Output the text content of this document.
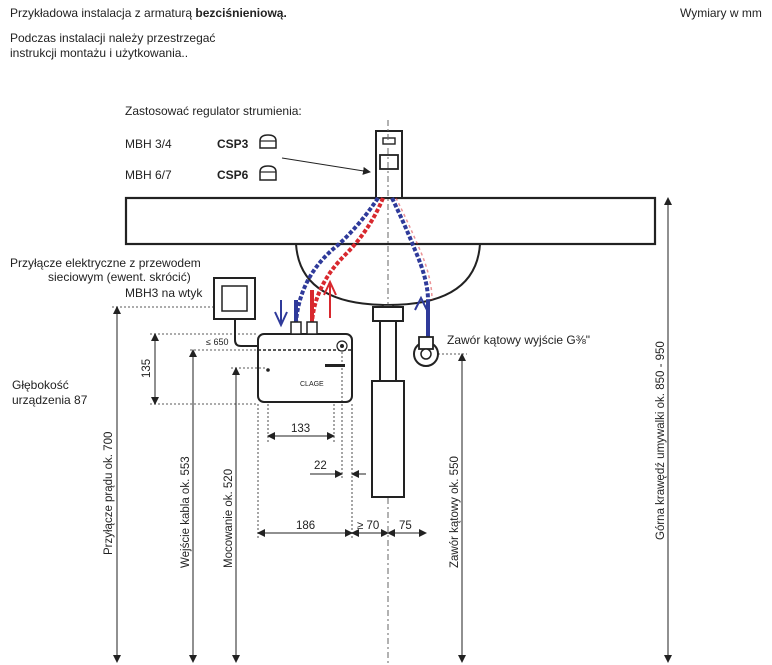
Przykładowa instalacja z armaturą bezciśnieniową.	Wymiary w mm
Podczas instalacji należy przestrzegać
instrukcji montażu i użytkowania..
Zastosować regulator strumienia:
MBH 3/4	CSP3
MBH 6/7	CSP6
Przyłącze elektryczne z przewodem
sieciowym (ewent. skrócić)
MBH3 na wtyk
Głębokość
urządzenia 87
Zawór kątowy wyjście G⅜"
CLAGE
≤ 650
135
133
22
186	≥ 70 75
Przyłącze prądu ok. 700	Wejście kabla ok. 553	Mocowanie ok. 520	Zawór kątowy ok. 550	Górna krawędź umywalki ok. 850 - 950
